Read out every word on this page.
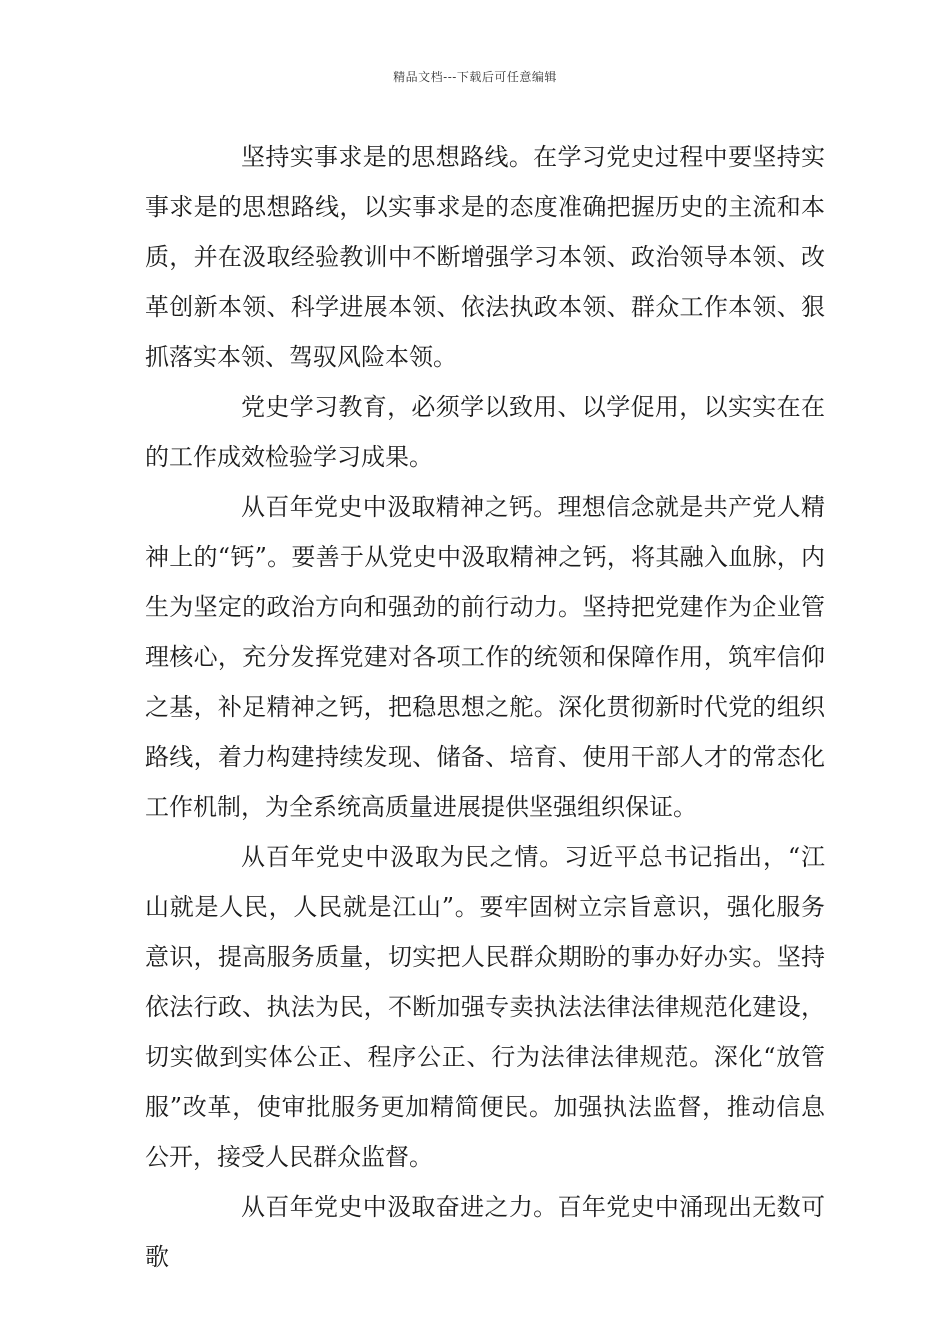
精品文档---下载后可任意编辑

坚持实事求是的思想路线。在学习党史过程中要坚持实事求是的思想路线，以实事求是的态度准确把握历史的主流和本质，并在汲取经验教训中不断增强学习本领、政治领导本领、改革创新本领、科学进展本领、依法执政本领、群众工作本领、狠抓落实本领、驾驭风险本领。

党史学习教育，必须学以致用、以学促用，以实实在在的工作成效检验学习成果。

从百年党史中汲取精神之钙。理想信念就是共产党人精神上的“钙”。要善于从党史中汲取精神之钙，将其融入血脉，内生为坚定的政治方向和强劲的前行动力。坚持把党建作为企业管理核心，充分发挥党建对各项工作的统领和保障作用，筑牢信仰之基，补足精神之钙，把稳思想之舵。深化贯彻新时代党的组织路线，着力构建持续发现、储备、培育、使用干部人才的常态化工作机制，为全系统高质量进展提供坚强组织保证。

从百年党史中汲取为民之情。习近平总书记指出，“江山就是人民，人民就是江山”。要牢固树立宗旨意识，强化服务意识，提高服务质量，切实把人民群众期盼的事办好办实。坚持依法行政、执法为民，不断加强专卖执法法律法律规范化建设，切实做到实体公正、程序公正、行为法律法律规范。深化“放管服”改革，使审批服务更加精简便民。加强执法监督，推动信息公开，接受人民群众监督。

从百年党史中汲取奋进之力。百年党史中涌现出无数可歌
